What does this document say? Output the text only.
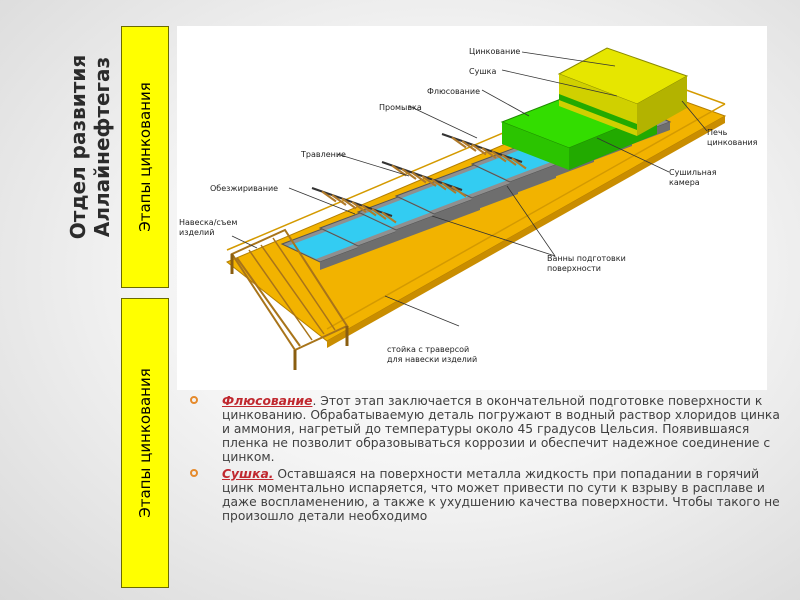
Отдел развития Аллайнефтегаз Этапы цинкования
Этапы цинкования
Цинкование
Сушка
Флюсование
Промывка
Травление
Обезжиривание
Навеска/съем изделий
Печь цинкования
Сушильная камера
Ванны подготовки поверхности
стойка с траверсой для навески изделий

Флюсование. Этот этап заключается в окончательной подготовке поверхности к цинкованию. Обрабатываемую деталь погружают в водный раствор хлоридов цинка и аммония, нагретый до температуры около 45 градусов Цельсия. Появившаяся пленка не позволит образовываться коррозии и обеспечит надежное соединение с цинком.

Сушка. Оставшаяся на поверхности металла жидкость при попадании в горячий цинк моментально испаряется, что может привести по сути к взрыву в расплаве и даже воспламенению, а также к ухудшению качества поверхности. Чтобы такого не произошло детали необходимо
